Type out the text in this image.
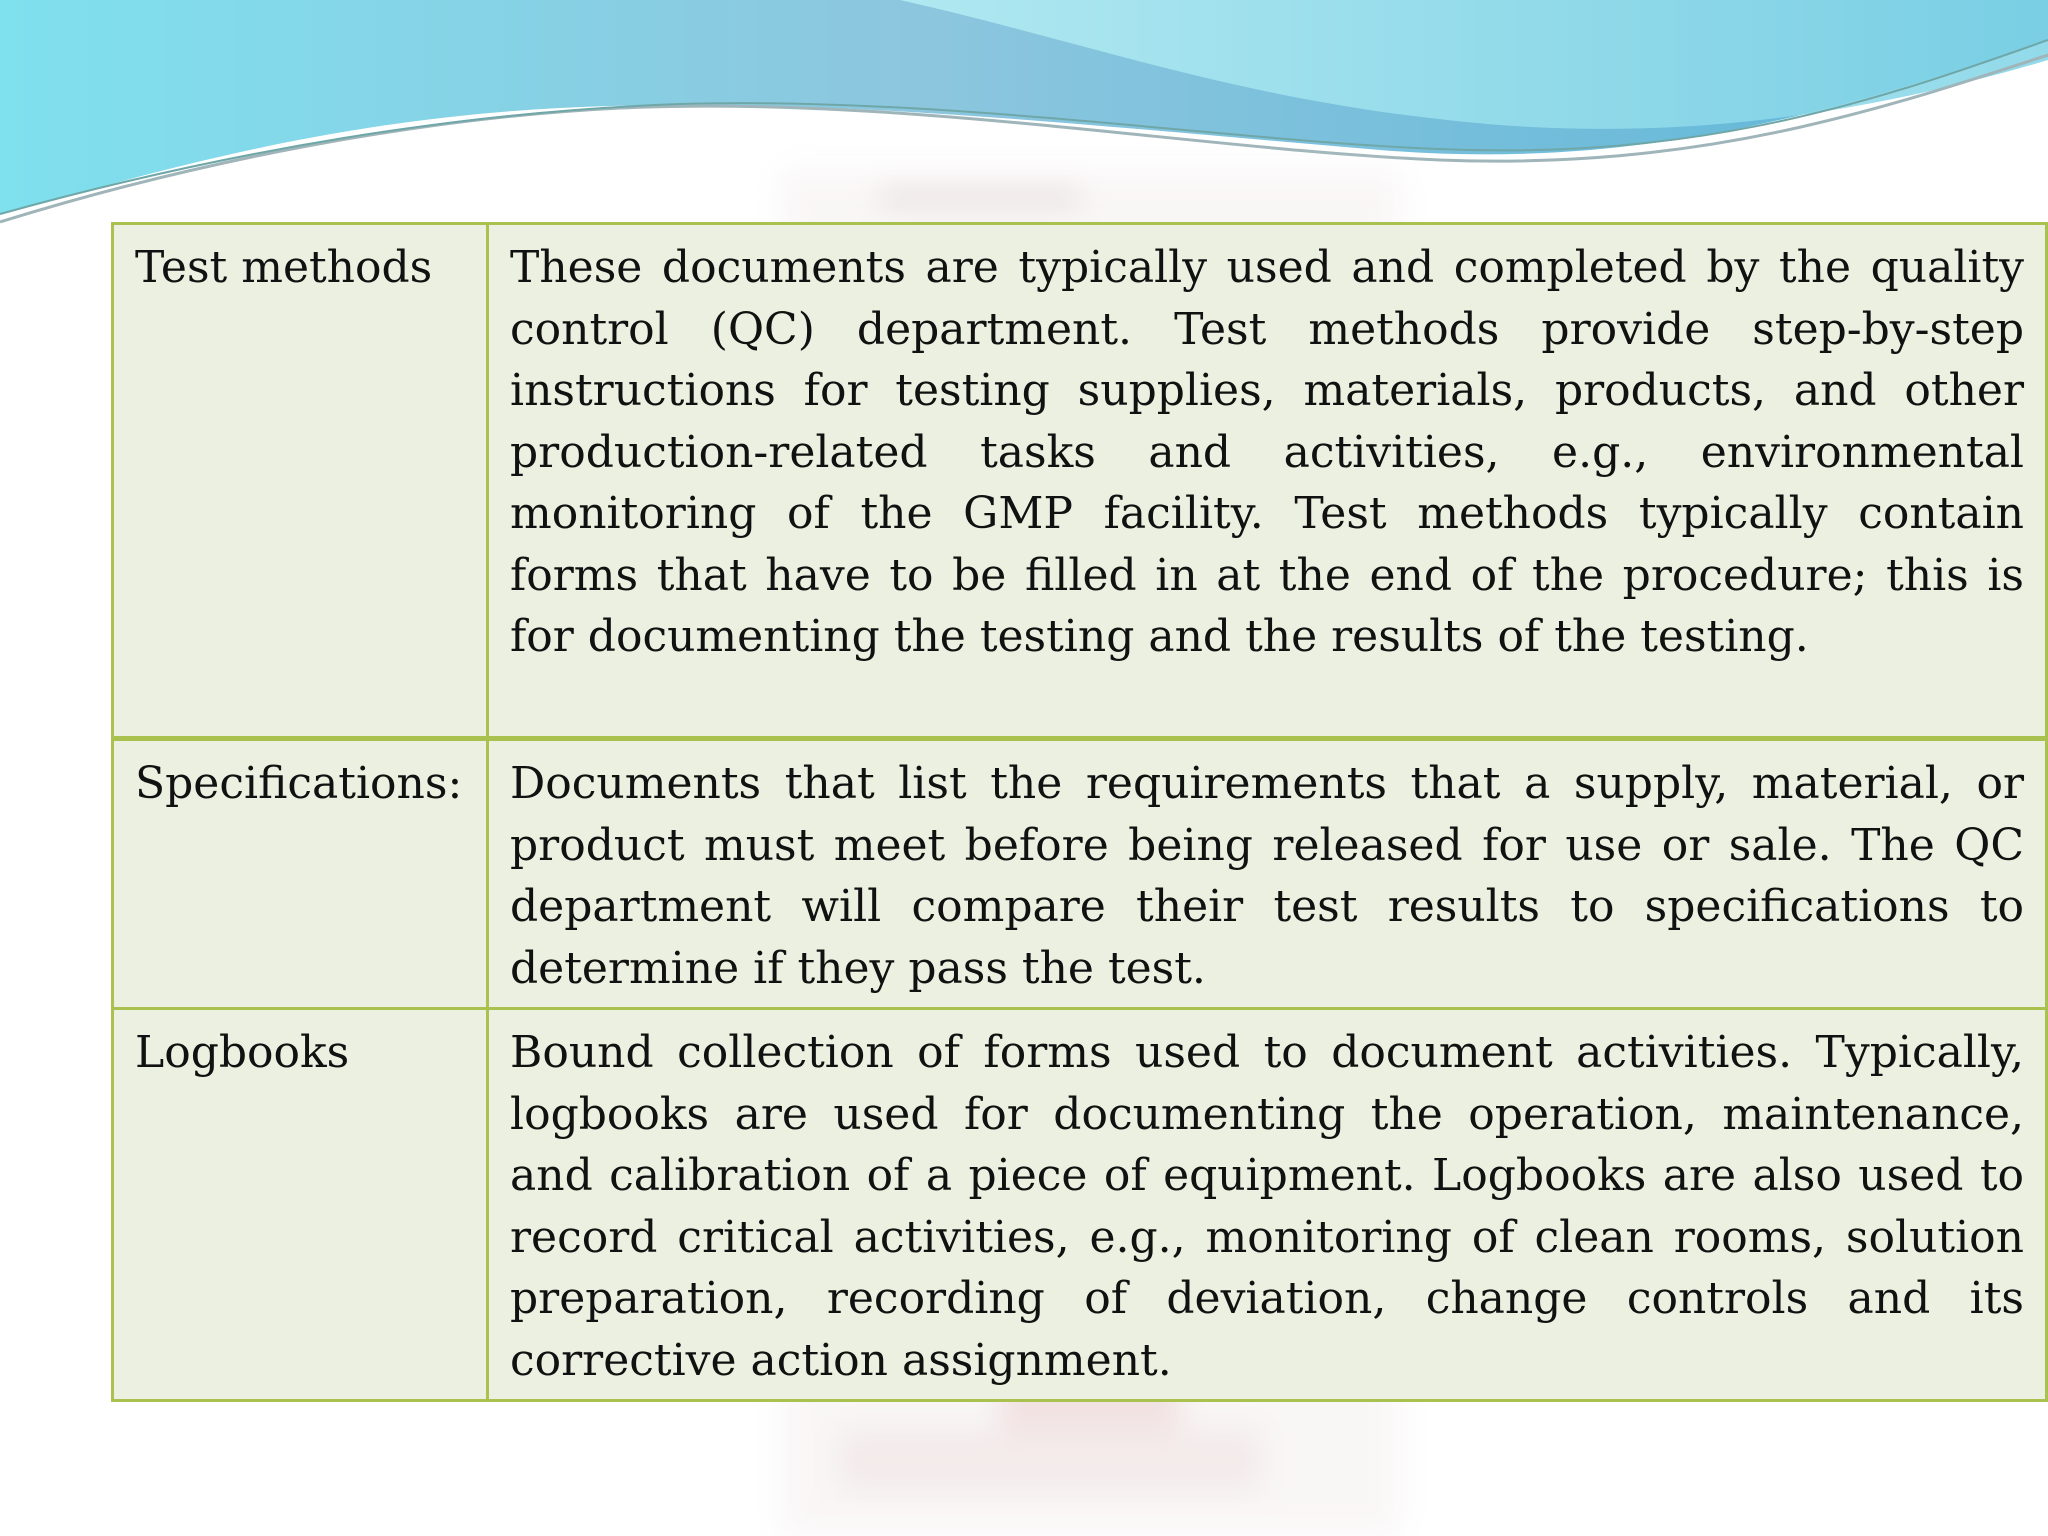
Test methods	These documents are typically used and completed by the quality control (QC) department. Test methods provide step-by-step instructions for testing supplies, materials, products, and other production-related tasks and activities, e.g., environmental monitoring of the GMP facility. Test methods typically contain forms that have to be filled in at the end of the procedure; this is for documenting the testing and the results of the testing.
Specifications:	Documents that list the requirements that a supply, material, or product must meet before being released for use or sale. The QC department will compare their test results to specifications to determine if they pass the test.
Logbooks	Bound collection of forms used to document activities. Typically, logbooks are used for documenting the operation, maintenance, and calibration of a piece of equipment. Logbooks are also used to record critical activities, e.g., monitoring of clean rooms, solution preparation, recording of deviation, change controls and its corrective action assignment.
